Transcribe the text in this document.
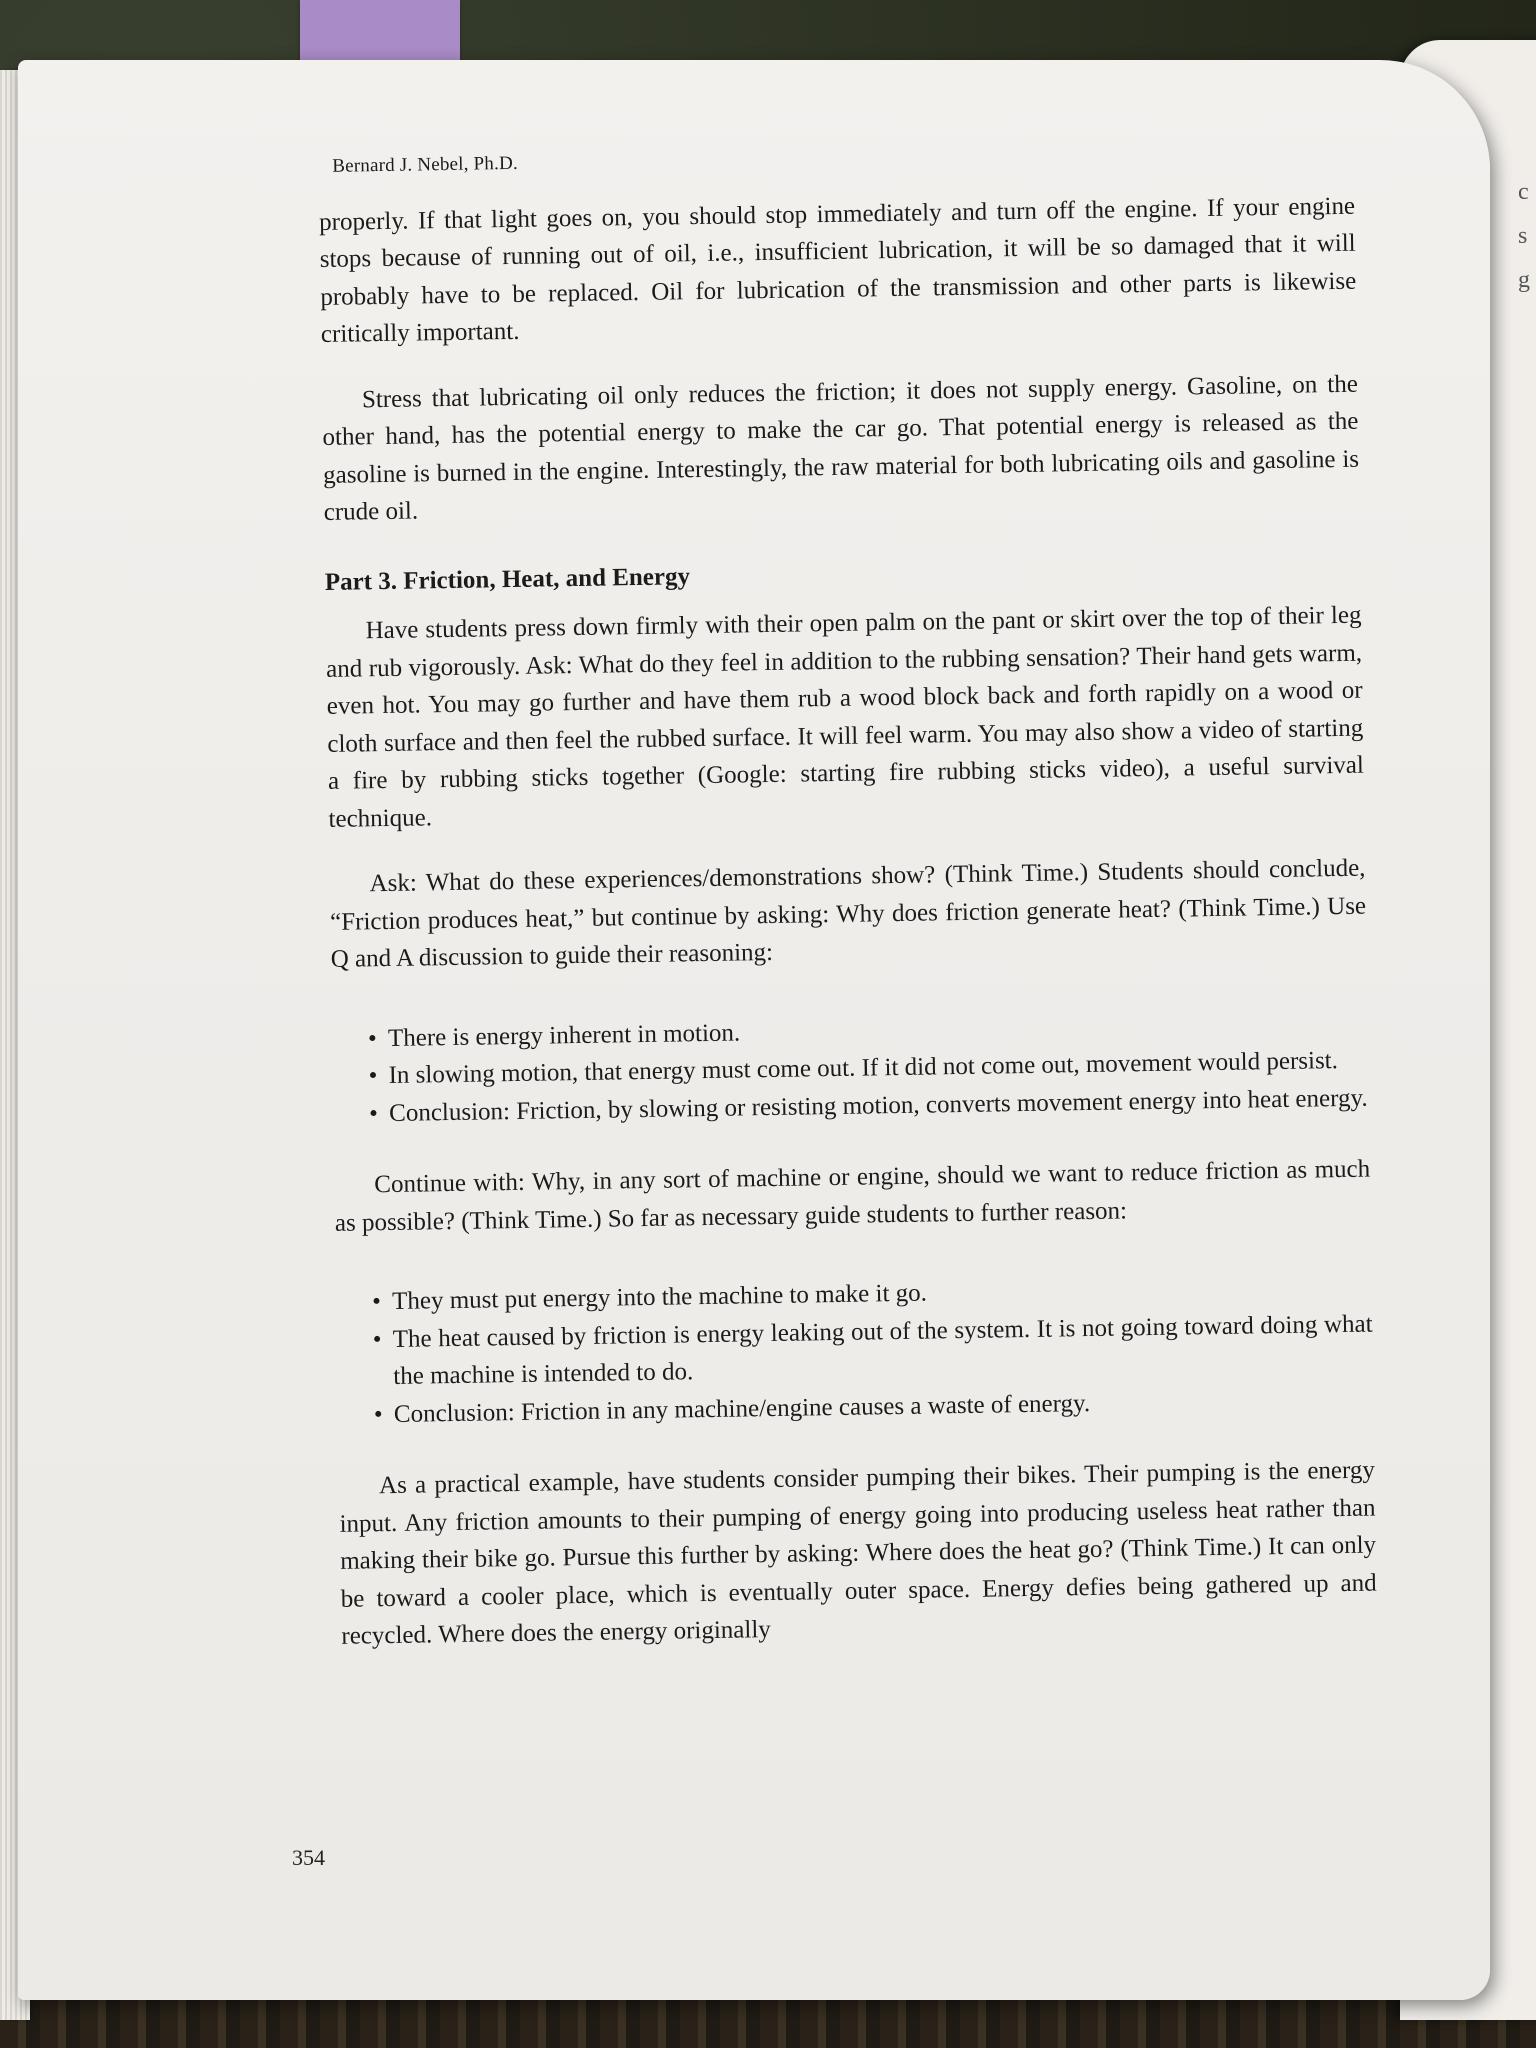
c
s
g
Bernard J. Nebel, Ph.D.

properly. If that light goes on, you should stop immediately and turn off the engine. If your engine stops because of running out of oil, i.e., insufficient lubrication, it will be so damaged that it will probably have to be replaced. Oil for lubrication of the transmission and other parts is likewise critically important.

Stress that lubricating oil only reduces the friction; it does not supply energy. Gasoline, on the other hand, has the potential energy to make the car go. That potential energy is released as the gasoline is burned in the engine. Interestingly, the raw material for both lubricating oils and gasoline is crude oil.

Part 3. Friction, Heat, and Energy

Have students press down firmly with their open palm on the pant or skirt over the top of their leg and rub vigorously. Ask: What do they feel in addition to the rubbing sensation? Their hand gets warm, even hot. You may go further and have them rub a wood block back and forth rapidly on a wood or cloth surface and then feel the rubbed surface. It will feel warm. You may also show a video of starting a fire by rubbing sticks together (Google: starting fire rubbing sticks video), a useful survival technique.

Ask: What do these experiences/demonstrations show? (Think Time.) Students should conclude, “Friction produces heat,” but continue by asking: Why does friction generate heat? (Think Time.) Use Q and A discussion to guide their reasoning:

• There is energy inherent in motion.
• In slowing motion, that energy must come out. If it did not come out, movement would persist.
• Conclusion: Friction, by slowing or resisting motion, converts movement energy into heat energy.

Continue with: Why, in any sort of machine or engine, should we want to reduce friction as much as possible? (Think Time.) So far as necessary guide students to further reason:

• They must put energy into the machine to make it go.
• The heat caused by friction is energy leaking out of the system. It is not going toward doing what the machine is intended to do.
• Conclusion: Friction in any machine/engine causes a waste of energy.

As a practical example, have students consider pumping their bikes. Their pumping is the energy input. Any friction amounts to their pumping of energy going into producing useless heat rather than making their bike go. Pursue this further by asking: Where does the heat go? (Think Time.) It can only be toward a cooler place, which is eventually outer space. Energy defies being gathered up and recycled. Where does the energy originally

354
